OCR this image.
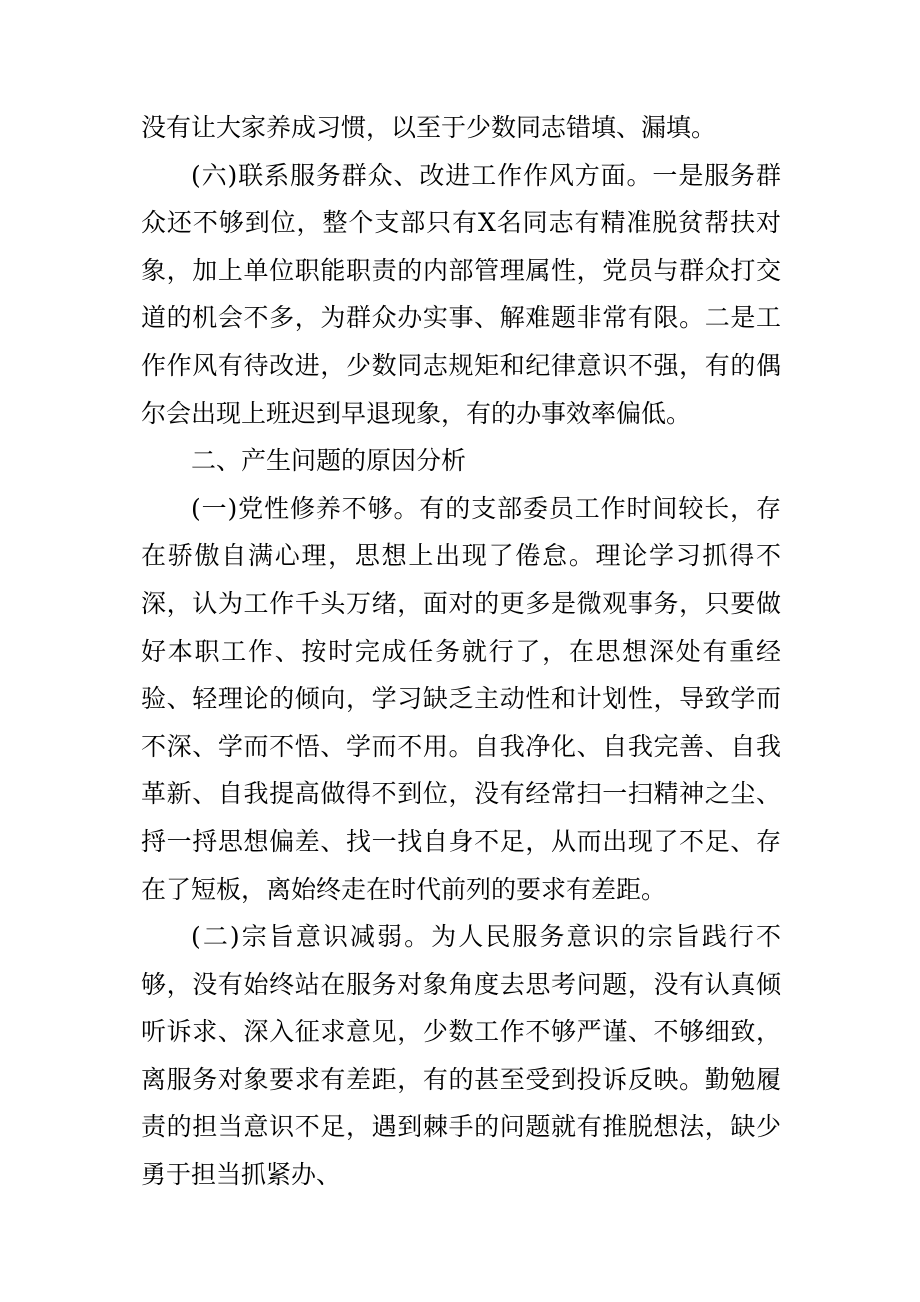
没有让大家养成习惯，以至于少数同志错填、漏填。

(六)联系服务群众、改进工作作风方面。一是服务群众还不够到位，整个支部只有X名同志有精准脱贫帮扶对象，加上单位职能职责的内部管理属性，党员与群众打交道的机会不多，为群众办实事、解难题非常有限。二是工作作风有待改进，少数同志规矩和纪律意识不强，有的偶尔会出现上班迟到早退现象，有的办事效率偏低。

二、产生问题的原因分析

(一)党性修养不够。有的支部委员工作时间较长，存在骄傲自满心理，思想上出现了倦怠。理论学习抓得不深，认为工作千头万绪，面对的更多是微观事务，只要做好本职工作、按时完成任务就行了，在思想深处有重经验、轻理论的倾向，学习缺乏主动性和计划性，导致学而不深、学而不悟、学而不用。自我净化、自我完善、自我革新、自我提高做得不到位，没有经常扫一扫精神之尘、捋一捋思想偏差、找一找自身不足，从而出现了不足、存在了短板，离始终走在时代前列的要求有差距。

(二)宗旨意识减弱。为人民服务意识的宗旨践行不够，没有始终站在服务对象角度去思考问题，没有认真倾听诉求、深入征求意见，少数工作不够严谨、不够细致，离服务对象要求有差距，有的甚至受到投诉反映。勤勉履责的担当意识不足，遇到棘手的问题就有推脱想法，缺少勇于担当抓紧办、
